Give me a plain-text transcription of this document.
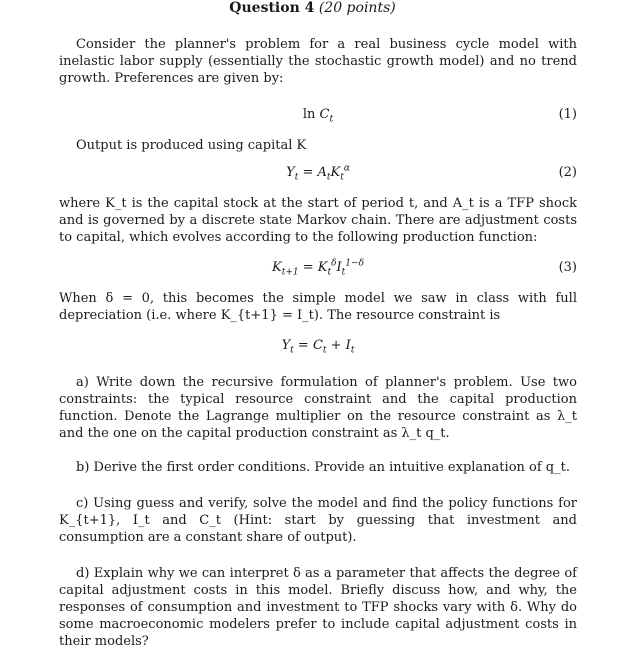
Question 4 (20 points)
Consider the planner's problem for a real business cycle model with inelastic labor supply (essentially the stochastic growth model) and no trend growth. Preferences are given by:
$\ln C_t$	(1)
Output is produced using capital K
$Y_t = A_tK_t^\alpha$	(2)
where K_t is the capital stock at the start of period t, and A_t is a TFP shock and is governed by a discrete state Markov chain. There are adjustment costs to capital, which evolves according to the following production function:
$K_{t+1} = K_t^\delta I_t^{1-\delta}$	(3)
When δ = 0, this becomes the simple model we saw in class with full depreciation (i.e. where K_{t+1} = I_t). The resource constraint is
$Y_t = C_t + I_t$
a) Write down the recursive formulation of planner's problem. Use two constraints: the typical resource constraint and the capital production function. Denote the Lagrange multiplier on the resource constraint as λ_t and the one on the capital production constraint as λ_t q_t.
b) Derive the first order conditions. Provide an intuitive explanation of q_t.
c) Using guess and verify, solve the model and find the policy functions for K_{t+1}, I_t and C_t (Hint: start by guessing that investment and consumption are a constant share of output).
d) Explain why we can interpret δ as a parameter that affects the degree of capital adjustment costs in this model. Briefly discuss how, and why, the responses of consumption and investment to TFP shocks vary with δ. Why do some macroeconomic modelers prefer to include capital adjustment costs in their models?
